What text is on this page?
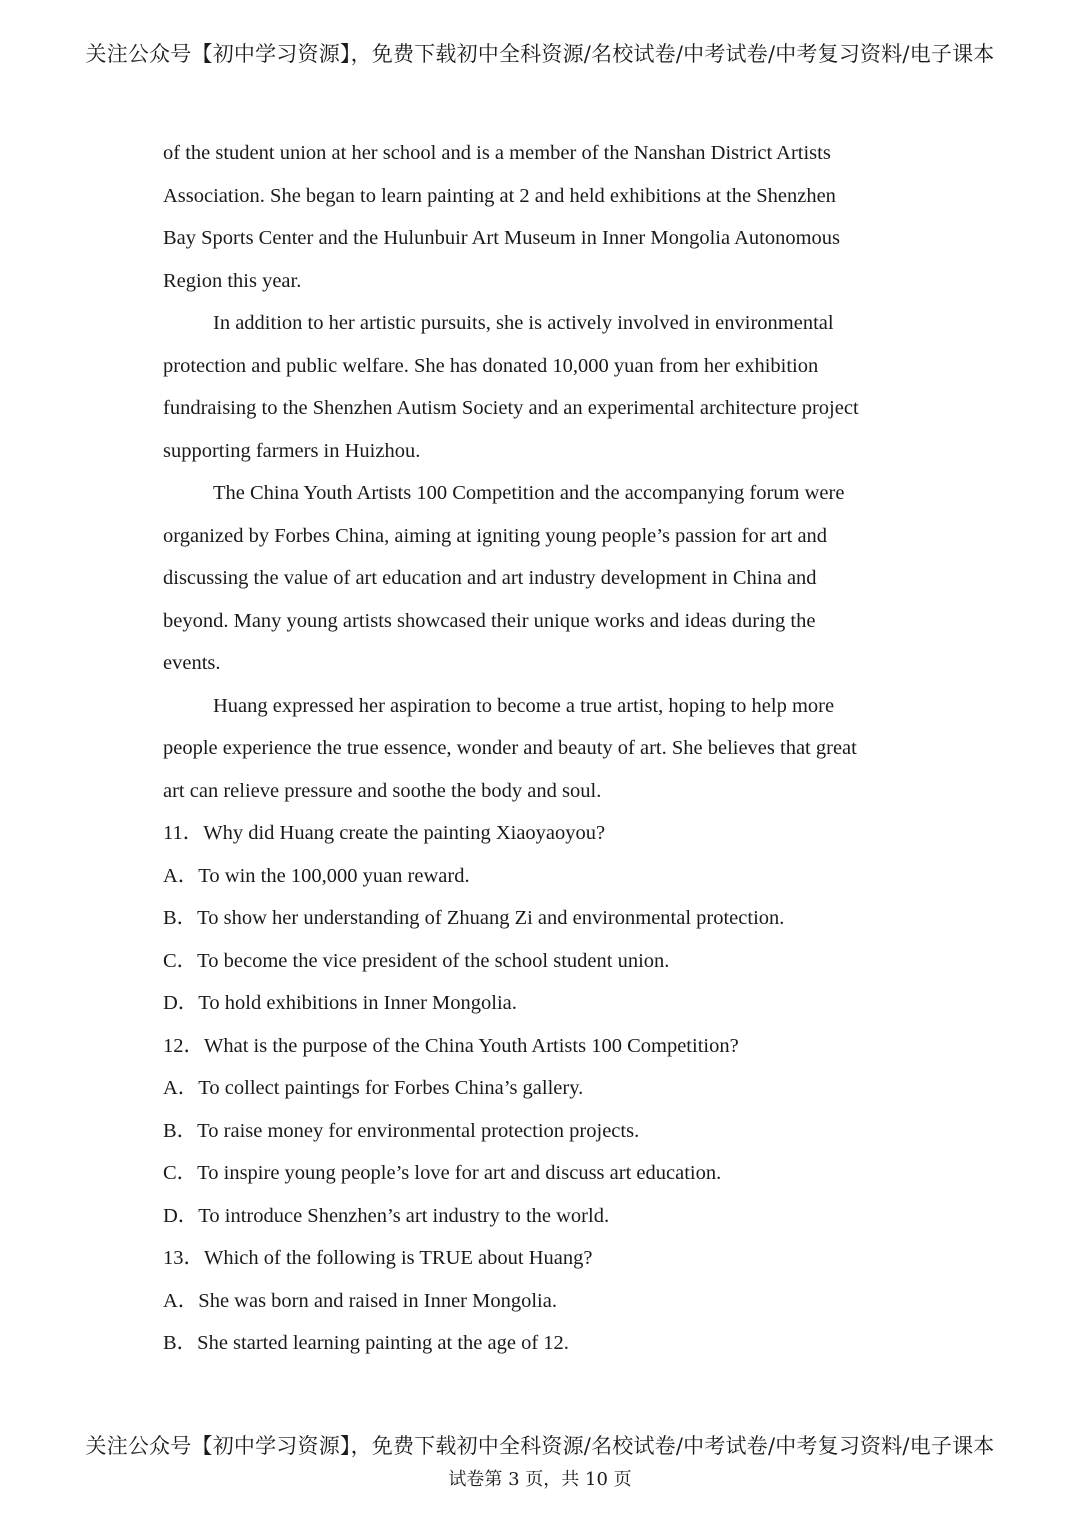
关注公众号【初中学习资源】，免费下载初中全科资源/名校试卷/中考试卷/中考复习资料/电子课本
of the student union at her school and is a member of the Nanshan District Artists
Association. She began to learn painting at 2 and held exhibitions at the Shenzhen
Bay Sports Center and the Hulunbuir Art Museum in Inner Mongolia Autonomous
Region this year.
In addition to her artistic pursuits, she is actively involved in environmental
protection and public welfare. She has donated 10,000 yuan from her exhibition
fundraising to the Shenzhen Autism Society and an experimental architecture project
supporting farmers in Huizhou.
The China Youth Artists 100 Competition and the accompanying forum were
organized by Forbes China, aiming at igniting young people’s passion for art and
discussing the value of art education and art industry development in China and
beyond. Many young artists showcased their unique works and ideas during the
events.
Huang expressed her aspiration to become a true artist, hoping to help more
people experience the true essence, wonder and beauty of art. She believes that great
art can relieve pressure and soothe the body and soul.
11．Why did Huang create the painting Xiaoyaoyou?
A．To win the 100,000 yuan reward.
B．To show her understanding of Zhuang Zi and environmental protection.
C．To become the vice president of the school student union.
D．To hold exhibitions in Inner Mongolia.
12．What is the purpose of the China Youth Artists 100 Competition?
A．To collect paintings for Forbes China’s gallery.
B．To raise money for environmental protection projects.
C．To inspire young people’s love for art and discuss art education.
D．To introduce Shenzhen’s art industry to the world.
13．Which of the following is TRUE about Huang?
A．She was born and raised in Inner Mongolia.
B．She started learning painting at the age of 12.
关注公众号【初中学习资源】，免费下载初中全科资源/名校试卷/中考试卷/中考复习资料/电子课本
试卷第 3 页，共 10 页
